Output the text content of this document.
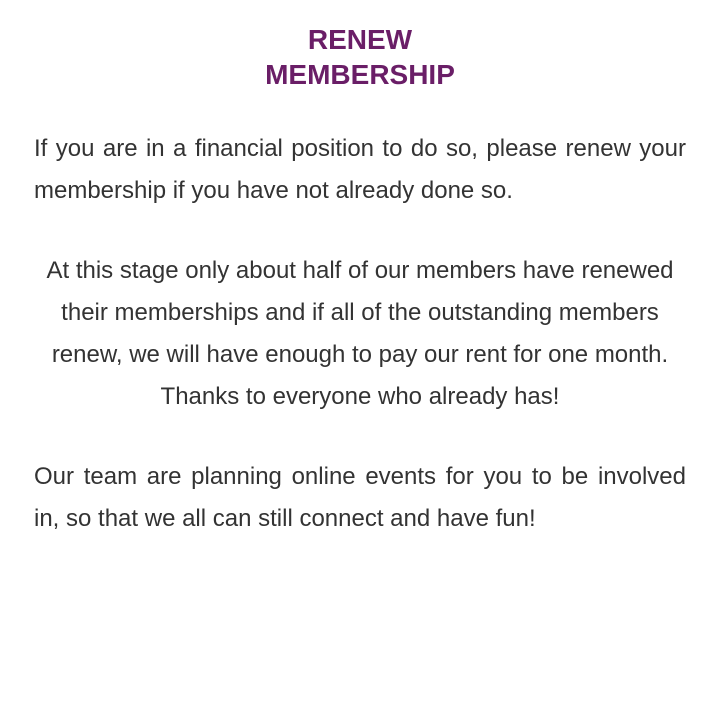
RENEW
MEMBERSHIP

If you are in a financial position to do so, please renew your membership if you have not already done so.

At this stage only about half of our members have renewed their memberships and if all of the outstanding members renew, we will have enough to pay our rent for one month. Thanks to everyone who already has!

Our team are planning online events for you to be involved in, so that we all can still connect and have fun!
